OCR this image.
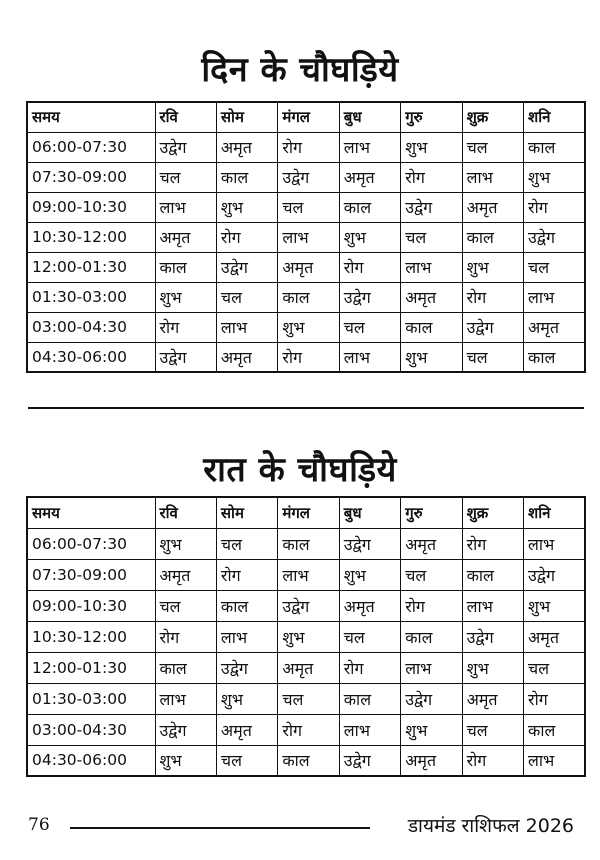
दिन के चौघड़िये
समय	रवि	सोम	मंगल	बुध	गुरु	शुक्र	शनि
06:00-07:30	उद्वेग	अमृत	रोग	लाभ	शुभ	चल	काल
07:30-09:00	चल	काल	उद्वेग	अमृत	रोग	लाभ	शुभ
09:00-10:30	लाभ	शुभ	चल	काल	उद्वेग	अमृत	रोग
10:30-12:00	अमृत	रोग	लाभ	शुभ	चल	काल	उद्वेग
12:00-01:30	काल	उद्वेग	अमृत	रोग	लाभ	शुभ	चल
01:30-03:00	शुभ	चल	काल	उद्वेग	अमृत	रोग	लाभ
03:00-04:30	रोग	लाभ	शुभ	चल	काल	उद्वेग	अमृत
04:30-06:00	उद्वेग	अमृत	रोग	लाभ	शुभ	चल	काल
रात के चौघड़िये
समय	रवि	सोम	मंगल	बुध	गुरु	शुक्र	शनि
06:00-07:30	शुभ	चल	काल	उद्वेग	अमृत	रोग	लाभ
07:30-09:00	अमृत	रोग	लाभ	शुभ	चल	काल	उद्वेग
09:00-10:30	चल	काल	उद्वेग	अमृत	रोग	लाभ	शुभ
10:30-12:00	रोग	लाभ	शुभ	चल	काल	उद्वेग	अमृत
12:00-01:30	काल	उद्वेग	अमृत	रोग	लाभ	शुभ	चल
01:30-03:00	लाभ	शुभ	चल	काल	उद्वेग	अमृत	रोग
03:00-04:30	उद्वेग	अमृत	रोग	लाभ	शुभ	चल	काल
04:30-06:00	शुभ	चल	काल	उद्वेग	अमृत	रोग	लाभ
76	डायमंड राशिफल 2026
